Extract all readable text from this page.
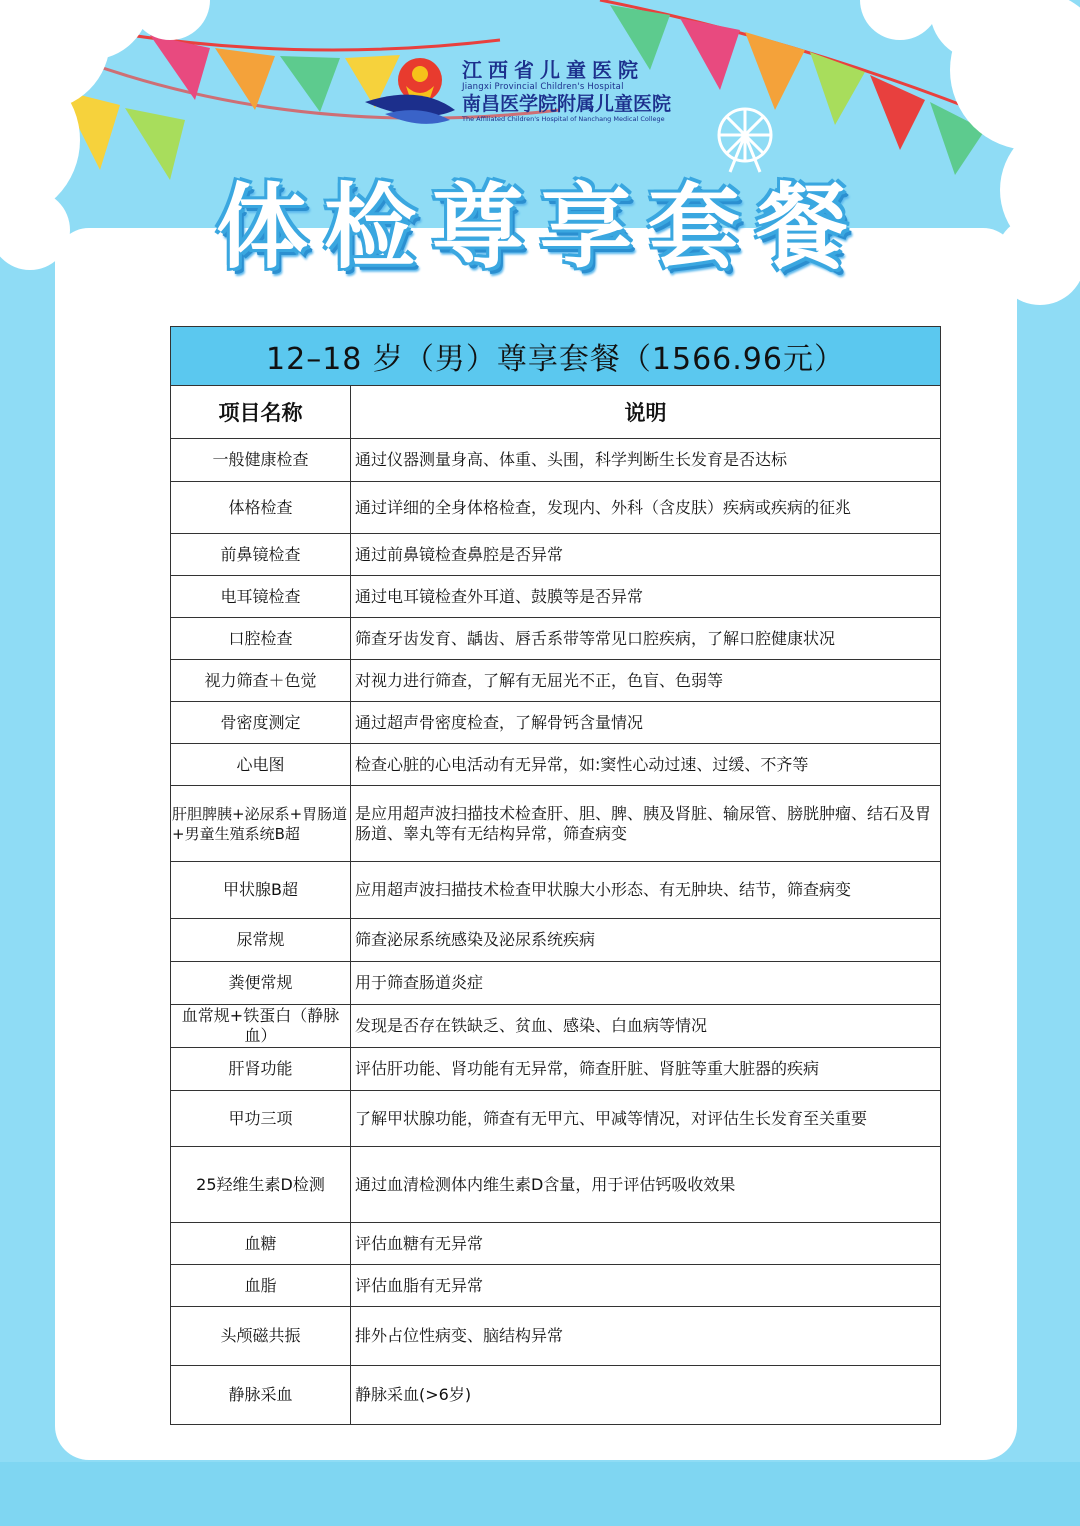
江西省儿童医院
Jiangxi Provincial Children's Hospital
南昌医学院附属儿童医院
The Affiliated Children's Hospital of Nanchang Medical College
体检尊享套餐
12–18 岁（男）尊享套餐（1566.96元）	
项目名称	说明
一般健康检查	通过仪器测量身高、体重、头围，科学判断生长发育是否达标
体格检查	通过详细的全身体格检查，发现内、外科（含皮肤）疾病或疾病的征兆
前鼻镜检查	通过前鼻镜检查鼻腔是否异常
电耳镜检查	通过电耳镜检查外耳道、鼓膜等是否异常
口腔检查	筛查牙齿发育、龋齿、唇舌系带等常见口腔疾病，了解口腔健康状况
视力筛查＋色觉	对视力进行筛查，了解有无屈光不正，色盲、色弱等
骨密度测定	通过超声骨密度检查，了解骨钙含量情况
心电图	检查心脏的心电活动有无异常，如:窦性心动过速、过缓、不齐等
肝胆脾胰+泌尿系+胃肠道+男童生殖系统B超	是应用超声波扫描技术检查肝、胆、脾、胰及肾脏、输尿管、膀胱肿瘤、结石及胃肠道、睾丸等有无结构异常，筛查病变
甲状腺B超	应用超声波扫描技术检查甲状腺大小形态、有无肿块、结节，筛查病变
尿常规	筛查泌尿系统感染及泌尿系统疾病
粪便常规	用于筛查肠道炎症
血常规+铁蛋白（静脉血）	发现是否存在铁缺乏、贫血、感染、白血病等情况
肝肾功能	评估肝功能、肾功能有无异常，筛查肝脏、肾脏等重大脏器的疾病
甲功三项	了解甲状腺功能，筛查有无甲亢、甲减等情况，对评估生长发育至关重要
25羟维生素D检测	通过血清检测体内维生素D含量，用于评估钙吸收效果
血糖	评估血糖有无异常
血脂	评估血脂有无异常
头颅磁共振	排外占位性病变、脑结构异常
静脉采血	静脉采血(>6岁)
